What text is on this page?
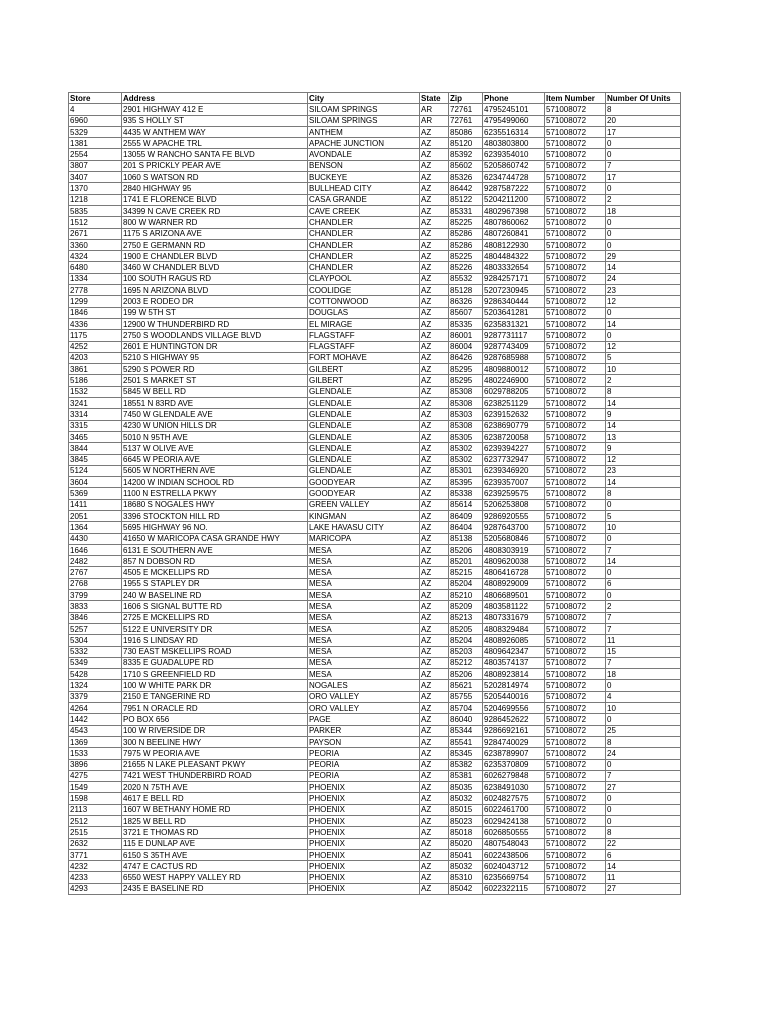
Store	Address	City	State	Zip	Phone	Item Number	Number Of Units
4	2901 HIGHWAY 412 E	SILOAM SPRINGS	AR	72761	4795245101	571008072	8
6960	935 S HOLLY ST	SILOAM SPRINGS	AR	72761	4795499060	571008072	20
5329	4435 W ANTHEM WAY	ANTHEM	AZ	85086	6235516314	571008072	17
1381	2555 W APACHE TRL	APACHE JUNCTION	AZ	85120	4803803800	571008072	0
2554	13055 W RANCHO SANTA FE BLVD	AVONDALE	AZ	85392	6239354010	571008072	0
3807	201 S PRICKLY PEAR AVE	BENSON	AZ	85602	5205860742	571008072	7
3407	1060 S WATSON RD	BUCKEYE	AZ	85326	6234744728	571008072	17
1370	2840 HIGHWAY 95	BULLHEAD CITY	AZ	86442	9287587222	571008072	0
1218	1741 E FLORENCE BLVD	CASA GRANDE	AZ	85122	5204211200	571008072	2
5835	34399 N CAVE CREEK RD	CAVE CREEK	AZ	85331	4802967398	571008072	18
1512	800 W WARNER RD	CHANDLER	AZ	85225	4807860062	571008072	0
2671	1175 S ARIZONA AVE	CHANDLER	AZ	85286	4807260841	571008072	0
3360	2750 E GERMANN RD	CHANDLER	AZ	85286	4808122930	571008072	0
4324	1900 E CHANDLER BLVD	CHANDLER	AZ	85225	4804484322	571008072	29
6480	3460 W CHANDLER BLVD	CHANDLER	AZ	85226	4803332654	571008072	14
1334	100 SOUTH RAGUS RD	CLAYPOOL	AZ	85532	9284257171	571008072	24
2778	1695 N ARIZONA BLVD	COOLIDGE	AZ	85128	5207230945	571008072	23
1299	2003 E RODEO DR	COTTONWOOD	AZ	86326	9286340444	571008072	12
1846	199 W 5TH ST	DOUGLAS	AZ	85607	5203641281	571008072	0
4336	12900 W THUNDERBIRD RD	EL MIRAGE	AZ	85335	6235831321	571008072	14
1175	2750 S WOODLANDS VILLAGE BLVD	FLAGSTAFF	AZ	86001	9287731117	571008072	0
4252	2601 E HUNTINGTON DR	FLAGSTAFF	AZ	86004	9287743409	571008072	12
4203	5210 S HIGHWAY 95	FORT MOHAVE	AZ	86426	9287685988	571008072	5
3861	5290 S POWER RD	GILBERT	AZ	85295	4809880012	571008072	10
5186	2501 S MARKET ST	GILBERT	AZ	85295	4802246900	571008072	2
1532	5845 W BELL RD	GLENDALE	AZ	85308	6029788205	571008072	8
3241	18551 N 83RD AVE	GLENDALE	AZ	85308	6238251129	571008072	14
3314	7450 W GLENDALE AVE	GLENDALE	AZ	85303	6239152632	571008072	9
3315	4230 W UNION HILLS DR	GLENDALE	AZ	85308	6238690779	571008072	14
3465	5010 N 95TH AVE	GLENDALE	AZ	85305	6238720058	571008072	13
3844	5137 W OLIVE AVE	GLENDALE	AZ	85302	6239394227	571008072	9
3845	6645 W PEORIA AVE	GLENDALE	AZ	85302	6237732947	571008072	12
5124	5605 W NORTHERN AVE	GLENDALE	AZ	85301	6239346920	571008072	23
3604	14200 W INDIAN SCHOOL RD	GOODYEAR	AZ	85395	6239357007	571008072	14
5369	1100 N ESTRELLA PKWY	GOODYEAR	AZ	85338	6239259575	571008072	8
1411	18680 S NOGALES HWY	GREEN VALLEY	AZ	85614	5206253808	571008072	0
2051	3396 STOCKTON HILL RD	KINGMAN	AZ	86409	9286920555	571008072	5
1364	5695 HIGHWAY 96 NO.	LAKE HAVASU CITY	AZ	86404	9287643700	571008072	10
4430	41650 W MARICOPA CASA GRANDE HWY	MARICOPA	AZ	85138	5205680846	571008072	0
1646	6131 E SOUTHERN AVE	MESA	AZ	85206	4808303919	571008072	7
2482	857 N DOBSON RD	MESA	AZ	85201	4809620038	571008072	14
2767	4505 E MCKELLIPS RD	MESA	AZ	85215	4806416728	571008072	0
2768	1955 S STAPLEY DR	MESA	AZ	85204	4808929009	571008072	6
3799	240 W BASELINE RD	MESA	AZ	85210	4806689501	571008072	0
3833	1606 S SIGNAL BUTTE RD	MESA	AZ	85209	4803581122	571008072	2
3846	2725 E MCKELLIPS RD	MESA	AZ	85213	4807331679	571008072	7
5257	5122 E UNIVERSITY DR	MESA	AZ	85205	4808329484	571008072	7
5304	1916 S LINDSAY RD	MESA	AZ	85204	4808926085	571008072	11
5332	730 EAST MSKELLIPS ROAD	MESA	AZ	85203	4809642347	571008072	15
5349	8335 E GUADALUPE RD	MESA	AZ	85212	4803574137	571008072	7
5428	1710 S GREENFIELD RD	MESA	AZ	85206	4808923814	571008072	18
1324	100 W WHITE PARK DR	NOGALES	AZ	85621	5202814974	571008072	0
3379	2150 E TANGERINE RD	ORO VALLEY	AZ	85755	5205440016	571008072	4
4264	7951 N ORACLE RD	ORO VALLEY	AZ	85704	5204699556	571008072	10
1442	PO BOX 656	PAGE	AZ	86040	9286452622	571008072	0
4543	100 W RIVERSIDE DR	PARKER	AZ	85344	9286692161	571008072	25
1369	300 N BEELINE HWY	PAYSON	AZ	85541	9284740029	571008072	8
1533	7975 W PEORIA AVE	PEORIA	AZ	85345	6238789907	571008072	24
3896	21655 N LAKE PLEASANT PKWY	PEORIA	AZ	85382	6235370809	571008072	0
4275	7421 WEST THUNDERBIRD ROAD	PEORIA	AZ	85381	6026279848	571008072	7
1549	2020 N 75TH AVE	PHOENIX	AZ	85035	6238491030	571008072	27
1598	4617 E BELL RD	PHOENIX	AZ	85032	6024827575	571008072	0
2113	1607 W BETHANY HOME RD	PHOENIX	AZ	85015	6022461700	571008072	0
2512	1825 W BELL RD	PHOENIX	AZ	85023	6029424138	571008072	0
2515	3721 E THOMAS RD	PHOENIX	AZ	85018	6026850555	571008072	8
2632	115 E DUNLAP AVE	PHOENIX	AZ	85020	4807548043	571008072	22
3771	6150 S 35TH AVE	PHOENIX	AZ	85041	6022438506	571008072	6
4232	4747 E CACTUS RD	PHOENIX	AZ	85032	6024043712	571008072	14
4233	6550 WEST HAPPY VALLEY RD	PHOENIX	AZ	85310	6235669754	571008072	11
4293	2435 E BASELINE RD	PHOENIX	AZ	85042	6022322115	571008072	27
